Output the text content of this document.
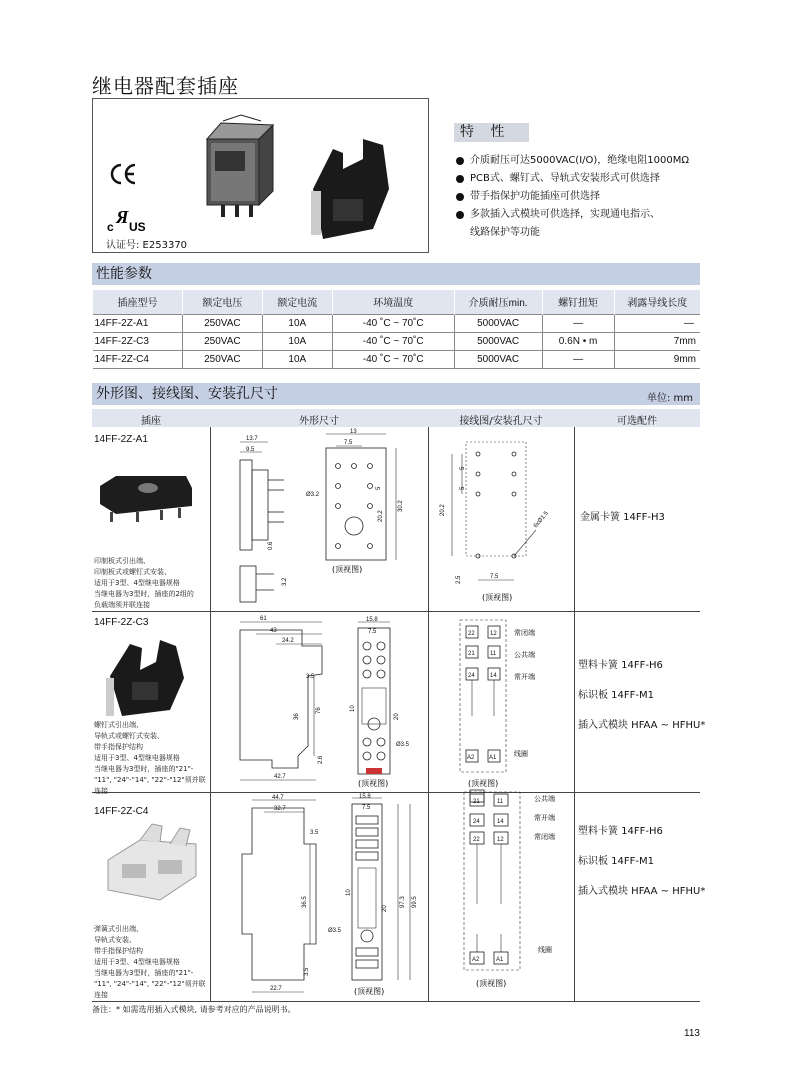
继电器配套插座
c Я US
认证号: E253370
特 性
介质耐压可达5000VAC(I/O)，绝缘电阻1000MΩ
PCB式、螺钉式、导轨式安装形式可供选择
带手指保护功能插座可供选择
多款插入式模块可供选择，实现通电指示、
线路保护等功能
性能参数
插座型号	额定电压	额定电流	环境温度	介质耐压min.	螺钉扭矩	剥露导线长度
14FF-2Z-A1	250VAC	10A	-40 ˚C ~ 70˚C	5000VAC	—	—
14FF-2Z-C3	250VAC	10A	-40 ˚C ~ 70˚C	5000VAC	0.6N • m	7mm
14FF-2Z-C4	250VAC	10A	-40 ˚C ~ 70˚C	5000VAC	—	9mm
外形图、接线图、安装孔尺寸	单位: mm
插座	外形尺寸	接线图/安装孔尺寸	可选配件
14FF-2Z-A1
印制板式引出端、
印制板式或螺钉式安装、
适用于3型、4型继电器规格
当继电器为3型时，插座的2组的
负载端须并联连接
13.7
9.5
0.6
3.2
13
7.5
Ø3.2
5
20.2
30.2
(顶视图)
5
5
20.2
2.5	7.5
6xØ1.5
(顶视图)
金属卡簧 14FF-H3
14FF-2Z-C3
螺钉式引出端、
导轨式或螺钉式安装、
带手指保护结构
适用于3型、4型继电器规格
当继电器为3型时，插座的"21"-
"11", "24"-"14", "22"-"12"须并联
连接
61
43
24.2
3.5
36
76
42.7
2.6
15.8
7.5
10
20
Ø3.5
(顶视图)
22	12
21	11
24	14
A2 A1
常闭端
公共端
常开端
线圈
(顶视图)
塑料卡簧 14FF-H6
标识板 14FF-M1
插入式模块 HFAA ~ HFHU*
14FF-2Z-C4
弹簧式引出端、
导轨式安装、
带手指保护结构
适用于3型、4型继电器规格
当继电器为3型时，插座的"21"-
"11", "24"-"14", "22"-"12"须并联
连接
44.7
32.7
3.5
36.5
3.5
22.7
15.8
7.5
10
20
97.3 99.5
Ø3.5
(顶视图)
21	11
24	14
22	12
A2	A1
公共端
常开端
常闭端
线圈
(顶视图)
塑料卡簧 14FF-H6
标识板 14FF-M1
插入式模块 HFAA ~ HFHU*
备注：* 如需选用插入式模块, 请参考对应的产品说明书。
113
